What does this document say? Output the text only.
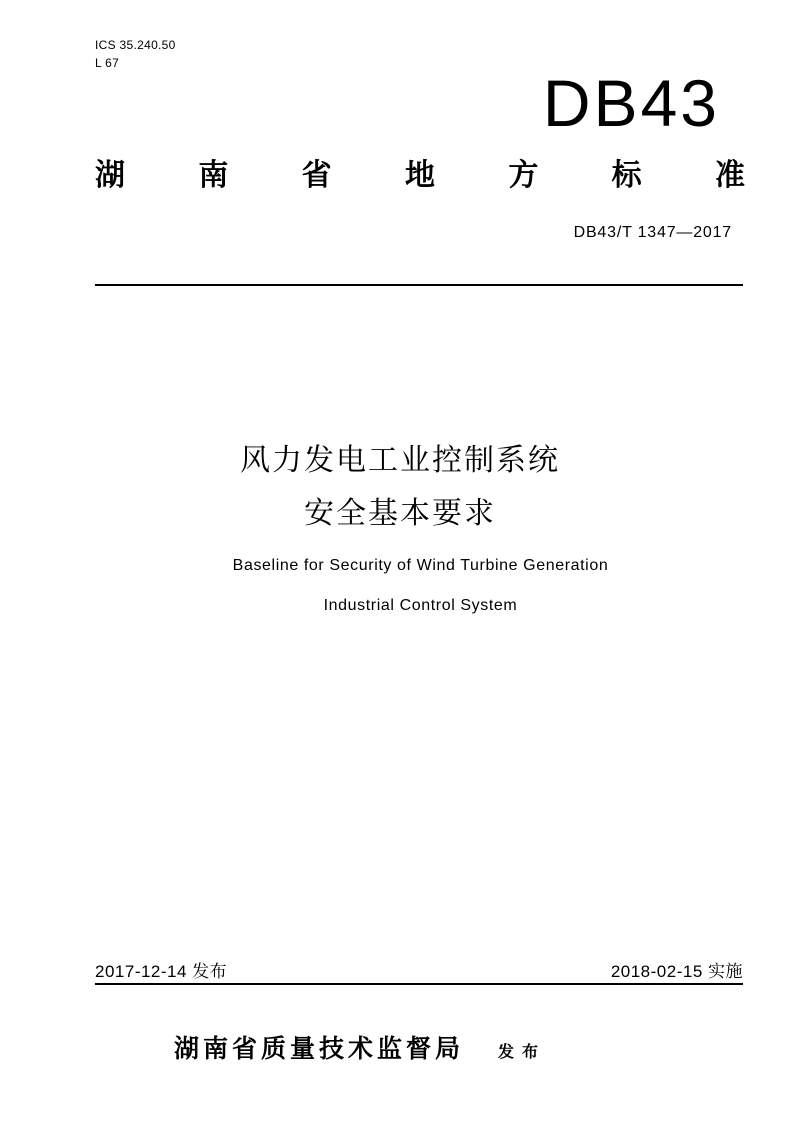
ICS 35.240.50
L 67
DB43
湖 南 省 地 方 标 准
DB43/T 1347—2017
风力发电工业控制系统
安全基本要求
Baseline for Security of Wind Turbine Generation
Industrial Control System
2017-12-14 发布	2018-02-15 实施
湖南省质量技术监督局 发布
